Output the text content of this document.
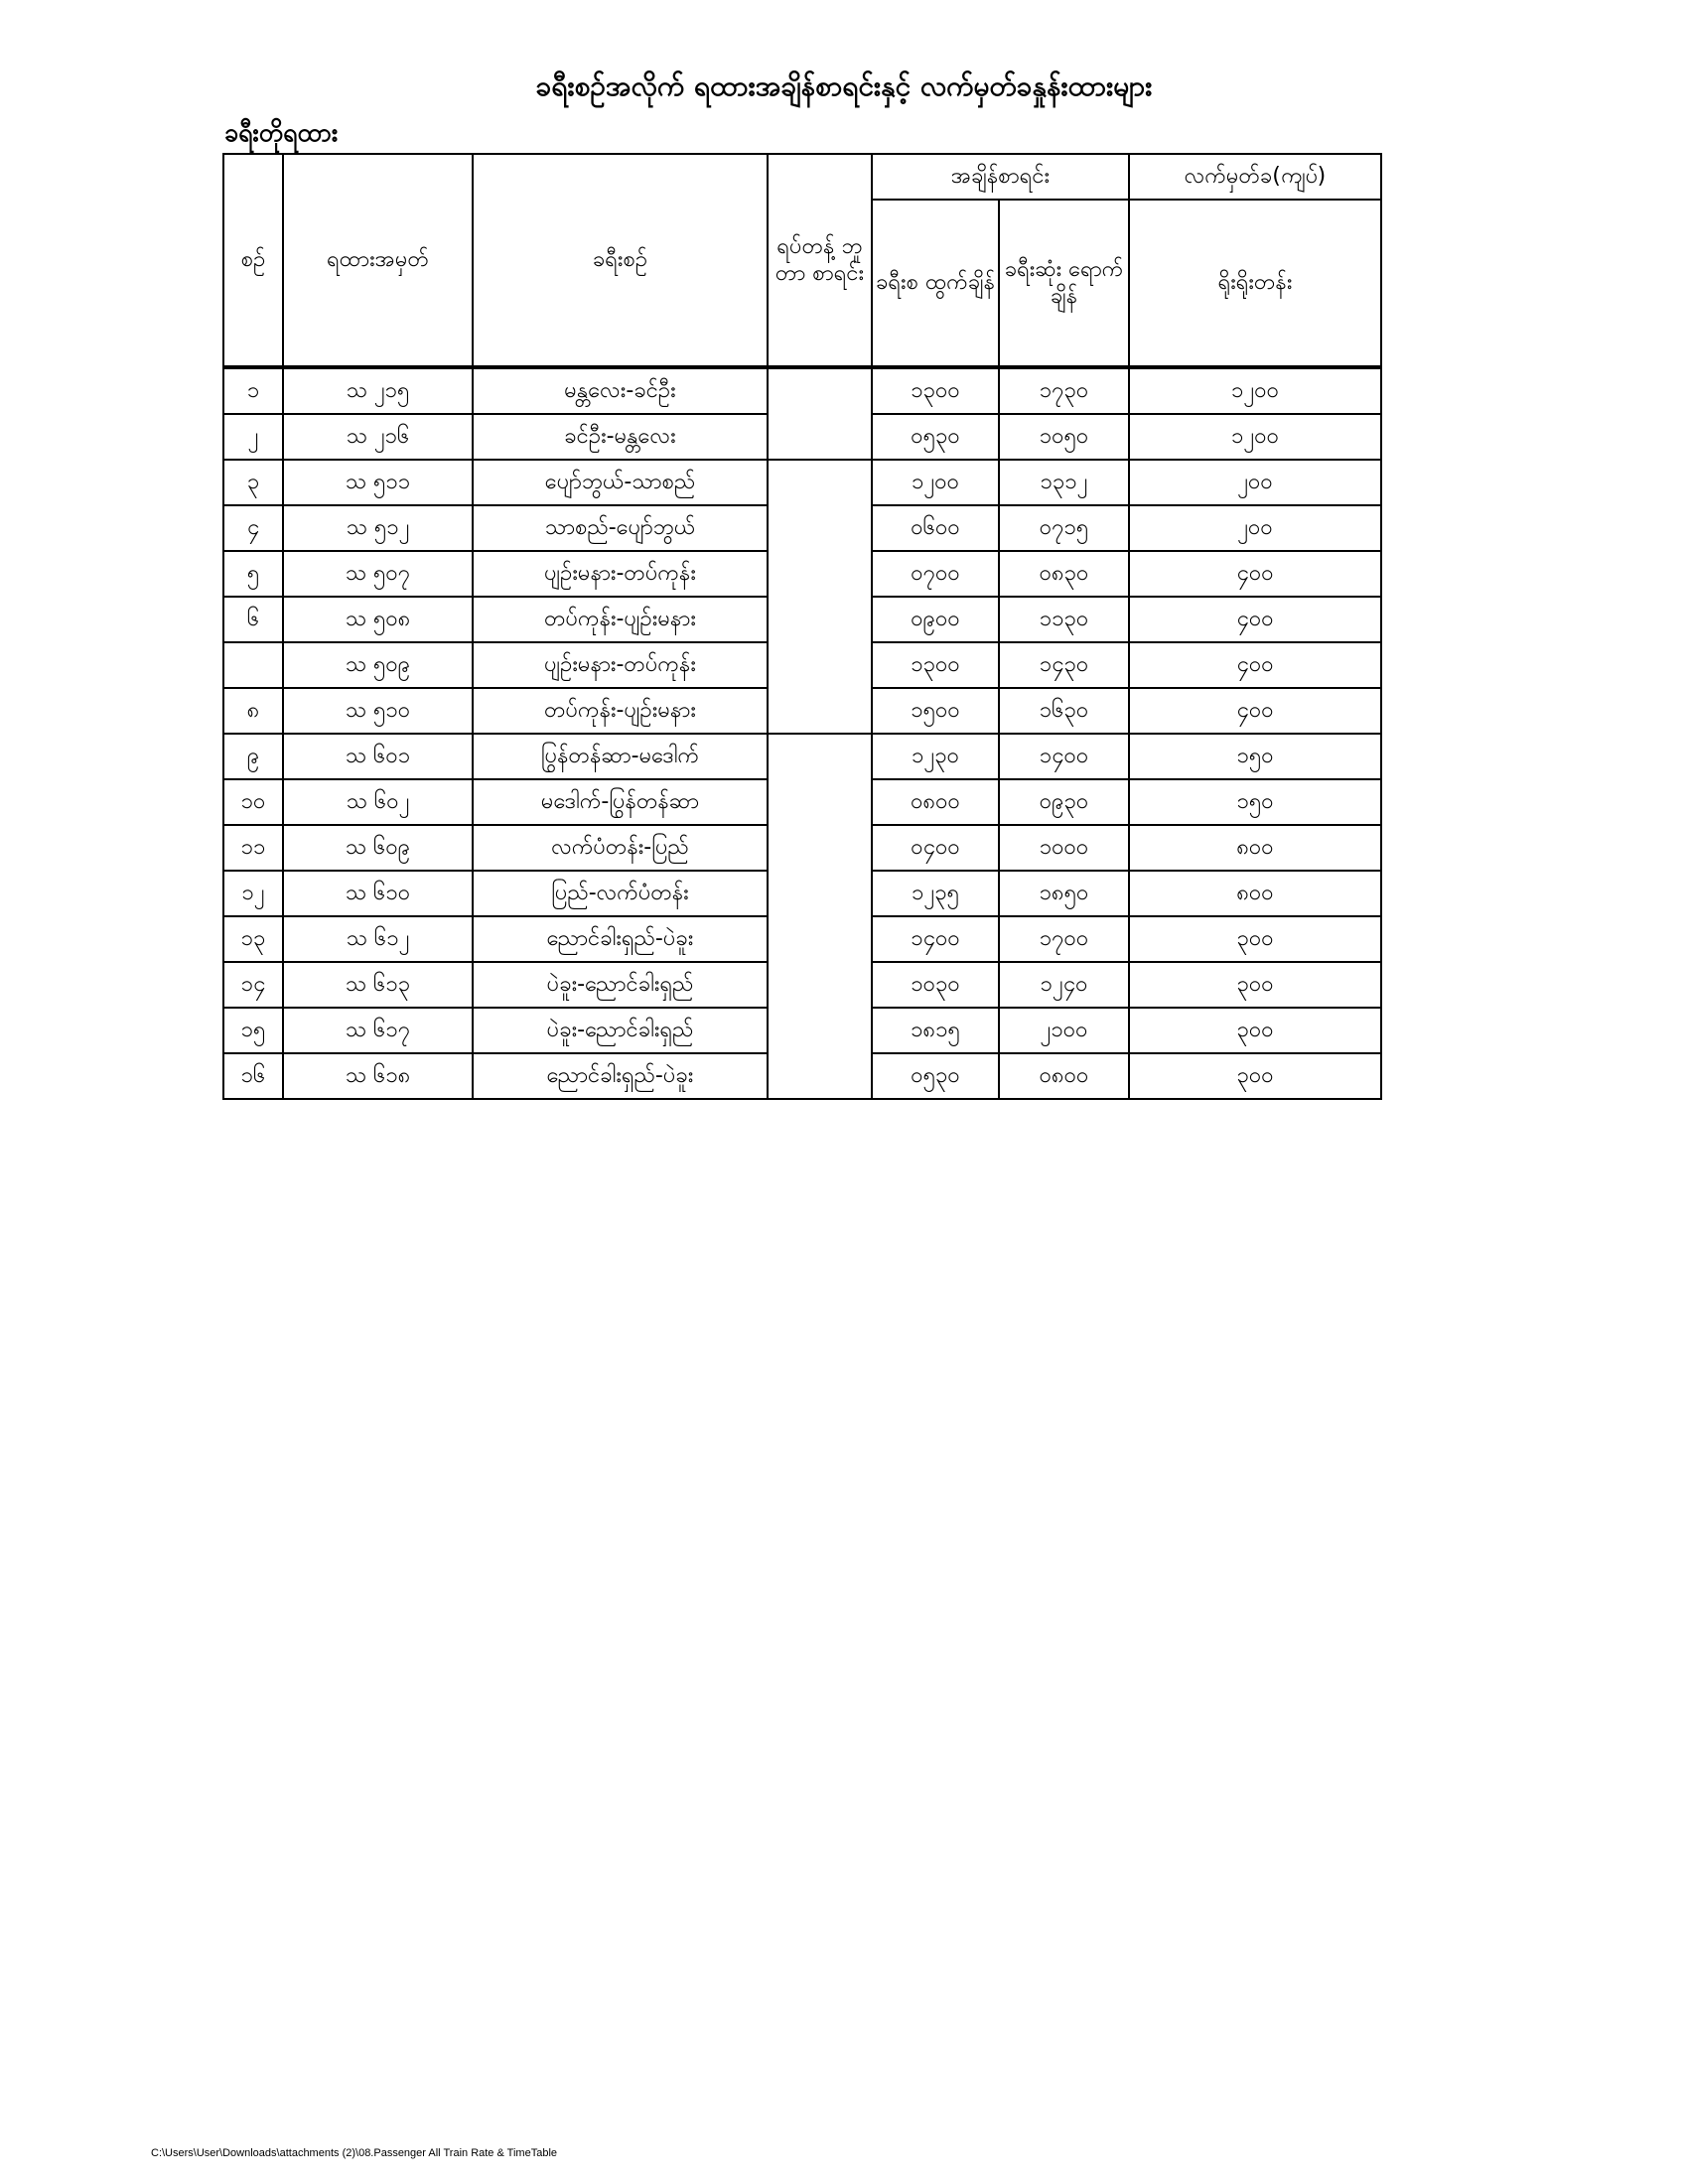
ခရီးစဉ်အလိုက် ရထားအချိန်စာရင်းနှင့် လက်မှတ်ခနှုန်းထားများ
ခရီးတိုရထား
စဉ်	ရထားအမှတ်	ခရီးစဉ်	ရပ်တန့် ဘူတာ စာရင်း	အချိန်စာရင်း		လက်မှတ်ခ(ကျပ်)
				ခရီးစ ထွက်ချိန်	ခရီးဆုံး ရောက်ချိန်	ရိုးရိုးတန်း
၁	သ ၂၁၅	မန္တလေး-ခင်ဦး		၁၃၀၀	၁၇၃၀	၁၂၀၀
၂	သ ၂၁၆	ခင်ဦး-မန္တလေး		၀၅၃၀	၁၀၅၀	၁၂၀၀
၃	သ ၅၁၁	ပျော်ဘွယ်-သာစည်		၁၂၀၀	၁၃၁၂	၂၀၀
၄	သ ၅၁၂	သာစည်-ပျော်ဘွယ်		၀၆၀၀	၀၇၁၅	၂၀၀
၅	သ ၅၀၇	ပျဉ်းမနား-တပ်ကုန်း		၀၇၀၀	၀၈၃၀	၄၀၀
၆	သ ၅၀၈	တပ်ကုန်း-ပျဉ်းမနား		၀၉၀၀	၁၁၃၀	၄၀၀
	သ ၅၀၉	ပျဉ်းမနား-တပ်ကုန်း		၁၃၀၀	၁၄၃၀	၄၀၀
၈	သ ၅၁၀	တပ်ကုန်း-ပျဉ်းမနား		၁၅၀၀	၁၆၃၀	၄၀၀
၉	သ ၆၀၁	ပြွန်တန်ဆာ-မဒေါက်		၁၂၃၀	၁၄၀၀	၁၅၀
၁၀	သ ၆၀၂	မဒေါက်-ပြွန်တန်ဆာ		၀၈၀၀	၀၉၃၀	၁၅၀
၁၁	သ ၆၀၉	လက်ပံတန်း-ပြည်		၀၄၀၀	၁၀၀၀	၈၀၀
၁၂	သ ၆၁၀	ပြည်-လက်ပံတန်း		၁၂၃၅	၁၈၅၀	၈၀၀
၁၃	သ ၆၁၂	ညောင်ခါးရှည်-ပဲခူး		၁၄၀၀	၁၇၀၀	၃၀၀
၁၄	သ ၆၁၃	ပဲခူး-ညောင်ခါးရှည်		၁၀၃၀	၁၂၄၀	၃၀၀
၁၅	သ ၆၁၇	ပဲခူး-ညောင်ခါးရှည်		၁၈၁၅	၂၁၀၀	၃၀၀
၁၆	သ ၆၁၈	ညောင်ခါးရှည်-ပဲခူး		၀၅၃၀	၀၈၀၀	၃၀၀
C:\Users\User\Downloads\attachments (2)\08.Passenger All Train Rate & TimeTable
